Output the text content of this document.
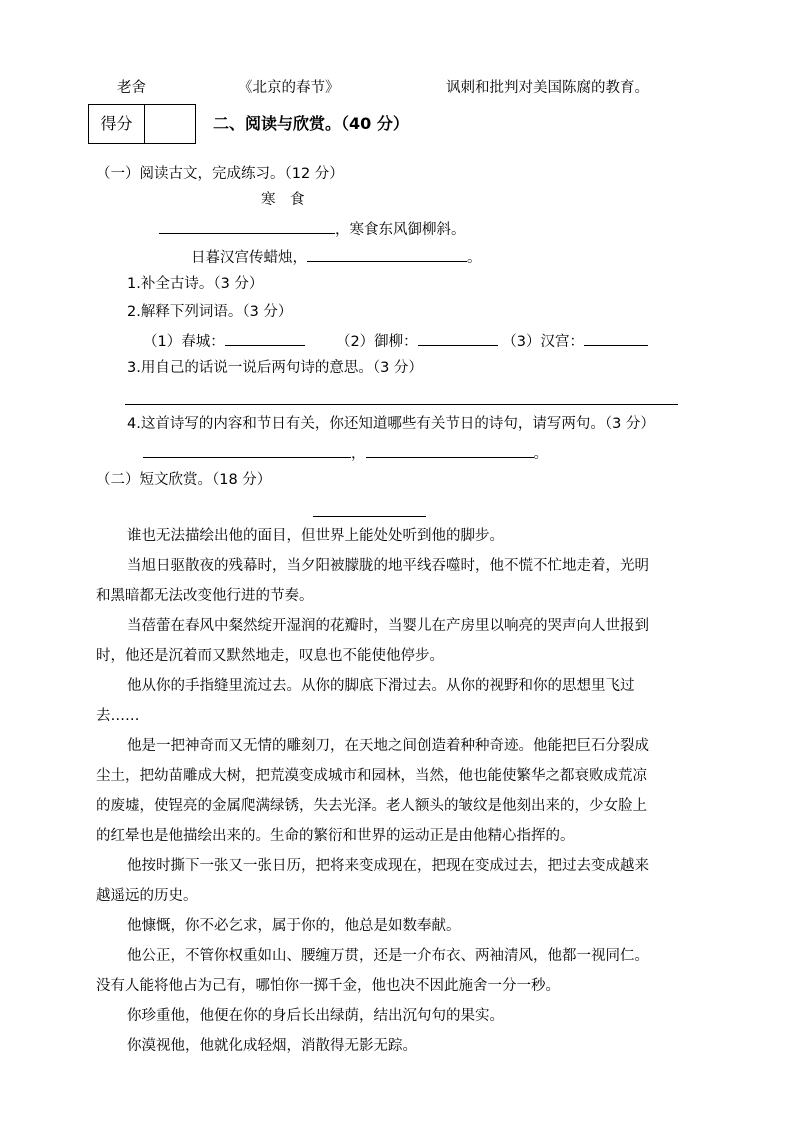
老舍	《北京的春节》	讽刺和批判对美国陈腐的教育。
得分	二、阅读与欣赏。（40 分）
（一）阅读古文，完成练习。（12 分）
寒　食
，寒食东风御柳斜。
日暮汉宫传蜡烛，	。
1.补全古诗。（3 分）
2.解释下列词语。（3 分）
（1）春城：	（2）御柳：	（3）汉宫：
3.用自己的话说一说后两句诗的意思。（3 分）
4.这首诗写的内容和节日有关，你还知道哪些有关节日的诗句，请写两句。（3 分）
，	。
（二）短文欣赏。（18 分）
谁也无法描绘出他的面目，但世界上能处处听到他的脚步。
当旭日驱散夜的残幕时，当夕阳被朦胧的地平线吞噬时，他不慌不忙地走着，光明
和黑暗都无法改变他行进的节奏。
当蓓蕾在春风中粲然绽开湿润的花瓣时，当婴儿在产房里以响亮的哭声向人世报到
时，他还是沉着而又默然地走，叹息也不能使他停步。
他从你的手指缝里流过去。从你的脚底下滑过去。从你的视野和你的思想里飞过
去……
他是一把神奇而又无情的雕刻刀，在天地之间创造着种种奇迹。他能把巨石分裂成
尘土，把幼苗雕成大树，把荒漠变成城市和园林，当然，他也能使繁华之都衰败成荒凉
的废墟，使锃亮的金属爬满绿锈，失去光泽。老人额头的皱纹是他刻出来的，少女脸上
的红晕也是他描绘出来的。生命的繁衍和世界的运动正是由他精心指挥的。
他按时撕下一张又一张日历，把将来变成现在，把现在变成过去，把过去变成越来
越遥远的历史。
他慷慨，你不必乞求，属于你的，他总是如数奉献。
他公正，不管你权重如山、腰缠万贯，还是一介布衣、两袖清风，他都一视同仁。
没有人能将他占为己有，哪怕你一掷千金，他也决不因此施舍一分一秒。
你珍重他，他便在你的身后长出绿荫，结出沉句句的果实。
你漠视他，他就化成轻烟，消散得无影无踪。
